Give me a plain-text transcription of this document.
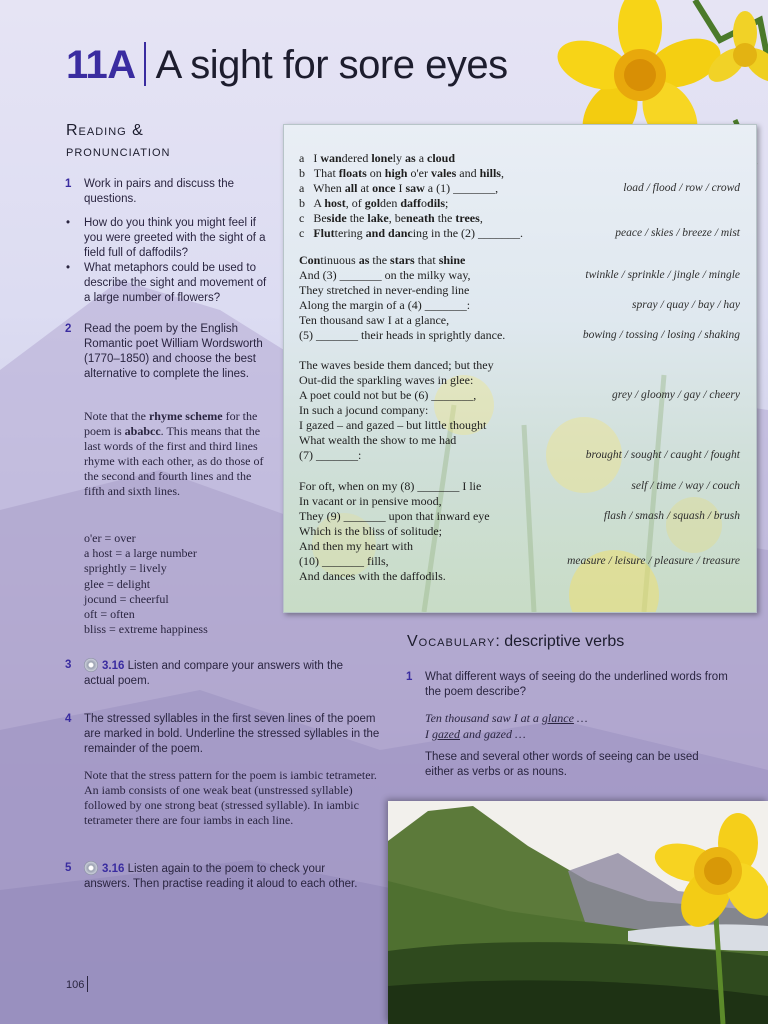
11A A sight for sore eyes
Reading &
pronunciation
1 Work in pairs and discuss the questions.
• How do you think you might feel if you were greeted with the sight of a field full of daffodils?
• What metaphors could be used to describe the sight and movement of a large number of flowers?
2 Read the poem by the English Romantic poet William Wordsworth (1770–1850) and choose the best alternative to complete the lines.
Note that the rhyme scheme for the poem is ababcc. This means that the last words of the first and third lines rhyme with each other, as do those of the second and fourth lines and the fifth and sixth lines.
o'er = over
a host = a large number
sprightly = lively
glee = delight
jocund = cheerful
oft = often
bliss = extreme happiness
3	3.16 Listen and compare your answers with the actual poem.
4 The stressed syllables in the first seven lines of the poem are marked in bold. Underline the stressed syllables in the remainder of the poem.
Note that the stress pattern for the poem is iambic tetrameter. An iamb consists of one weak beat (unstressed syllable) followed by one strong beat (stressed syllable). In iambic tetrameter there are four iambs in each line.
5	3.16 Listen again to the poem to check your answers. Then practise reading it aloud to each other.
a   I wandered lonely as a cloud
b   That floats on high o'er vales and hills,
a   When all at once I saw a (1) _______,	load / flood / row / crowd
b   A host, of golden daffodils;
c   Beside the lake, beneath the trees,
c Fluttering and dancing in the (2) _______.	peace / skies / breeze / mist
Continuous as the stars that shine
And (3) _______ on the milky way,	twinkle / sprinkle / jingle / mingle
They stretched in never-ending line
Along the margin of a (4) _______:	spray / quay / bay / hay
Ten thousand saw I at a glance,
(5) _______ their heads in sprightly dance.	bowing / tossing / losing / shaking
The waves beside them danced; but they
Out-did the sparkling waves in glee:
A poet could not but be (6) _______,	grey / gloomy / gay / cheery
In such a jocund company:
I gazed – and gazed – but little thought
What wealth the show to me had
(7) _______:	brought / sought / caught / fought
For oft, when on my (8) _______ I lie	self / time / way / couch
In vacant or in pensive mood,
They (9) _______ upon that inward eye	flash / smash / squash / brush
Which is the bliss of solitude;
And then my heart with
(10) _______ fills,	measure / leisure / pleasure / treasure
And dances with the daffodils.
Vocabulary: descriptive verbs
1 What different ways of seeing do the underlined words from the poem describe?
Ten thousand saw I at a glance …
I gazed and gazed …
These and several other words of seeing can be used either as verbs or as nouns.
106
